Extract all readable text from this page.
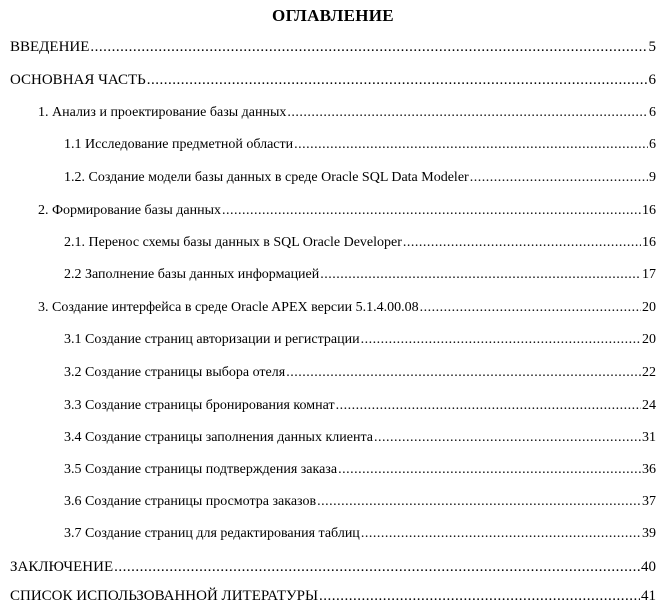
ОГЛАВЛЕНИЕ
ВВЕДЕНИЕ .....	5
ОСНОВНАЯ ЧАСТЬ .....	6
1. Анализ и проектирование базы данных .....	6
1.1 Исследование предметной области .....	6
1.2. Создание модели базы данных в среде Oracle SQL Data Modeler .....	9
2. Формирование базы данных .....	16
2.1. Перенос схемы базы данных в SQL Oracle Developer .....	16
2.2 Заполнение базы данных информацией .....	17
3. Создание интерфейса в среде Oracle APEX версии 5.1.4.00.08 .....	20
3.1 Создание страниц авторизации и регистрации .....	20
3.2 Создание страницы выбора отеля .....	22
3.3 Создание страницы бронирования комнат .....	24
3.4 Создание страницы заполнения данных клиента .....	31
3.5 Создание страницы подтверждения заказа .....	36
3.6 Создание страницы просмотра заказов .....	37
3.7 Создание страниц для редактирования таблиц .....	39
ЗАКЛЮЧЕНИЕ .....	40
СПИСОК ИСПОЛЬЗОВАННОЙ ЛИТЕРАТУРЫ .....	41
